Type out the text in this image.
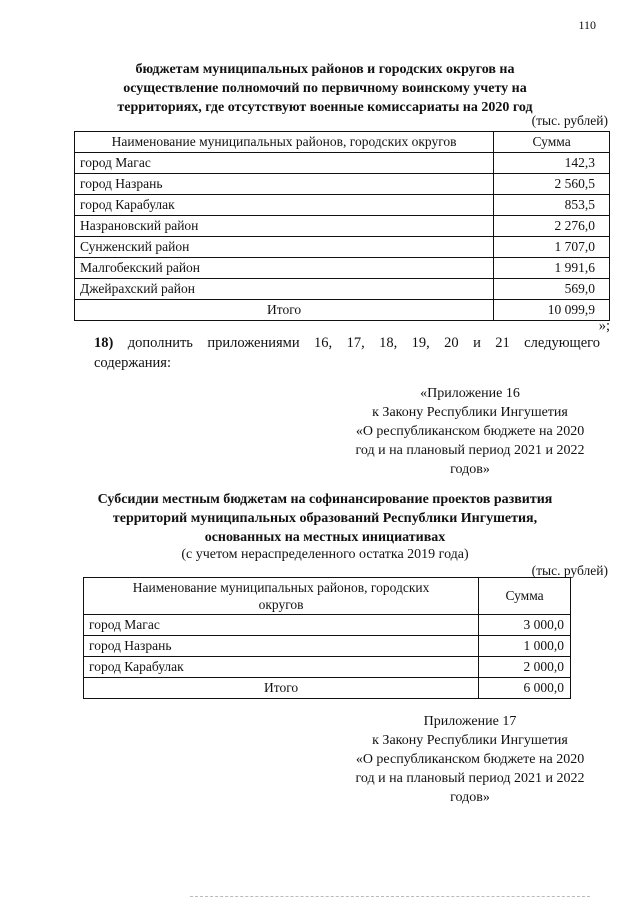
110
бюджетам муниципальных районов и городских округов на
осуществление полномочий по первичному воинскому учету на
территориях, где отсутствуют военные комиссариаты на 2020 год
(тыс. рублей)
Наименование муниципальных районов, городских округов	Сумма
город Магас	142,3
город Назрань	2 560,5
город Карабулак	853,5
Назрановский район	2 276,0
Сунженский район	1 707,0
Малгобекский район	1 991,6
Джейрахский район	569,0
Итого	10 099,9
»;
18) дополнить приложениями 16, 17, 18, 19, 20 и 21 следующего
содержания:
«Приложение 16
к Закону Республики Ингушетия
«О республиканском бюджете на 2020
год и на плановый период 2021 и 2022
годов»
Субсидии местным бюджетам на софинансирование проектов развития
территорий муниципальных образований Республики Ингушетия,
основанных на местных инициативах
(с учетом нераспределенного остатка 2019 года)
(тыс. рублей)
Наименование муниципальных районов, городских
округов	Сумма
город Магас	3 000,0
город Назрань	1 000,0
город Карабулак	2 000,0
Итого	6 000,0
Приложение 17
к Закону Республики Ингушетия
«О республиканском бюджете на 2020
год и на плановый период 2021 и 2022
годов»
